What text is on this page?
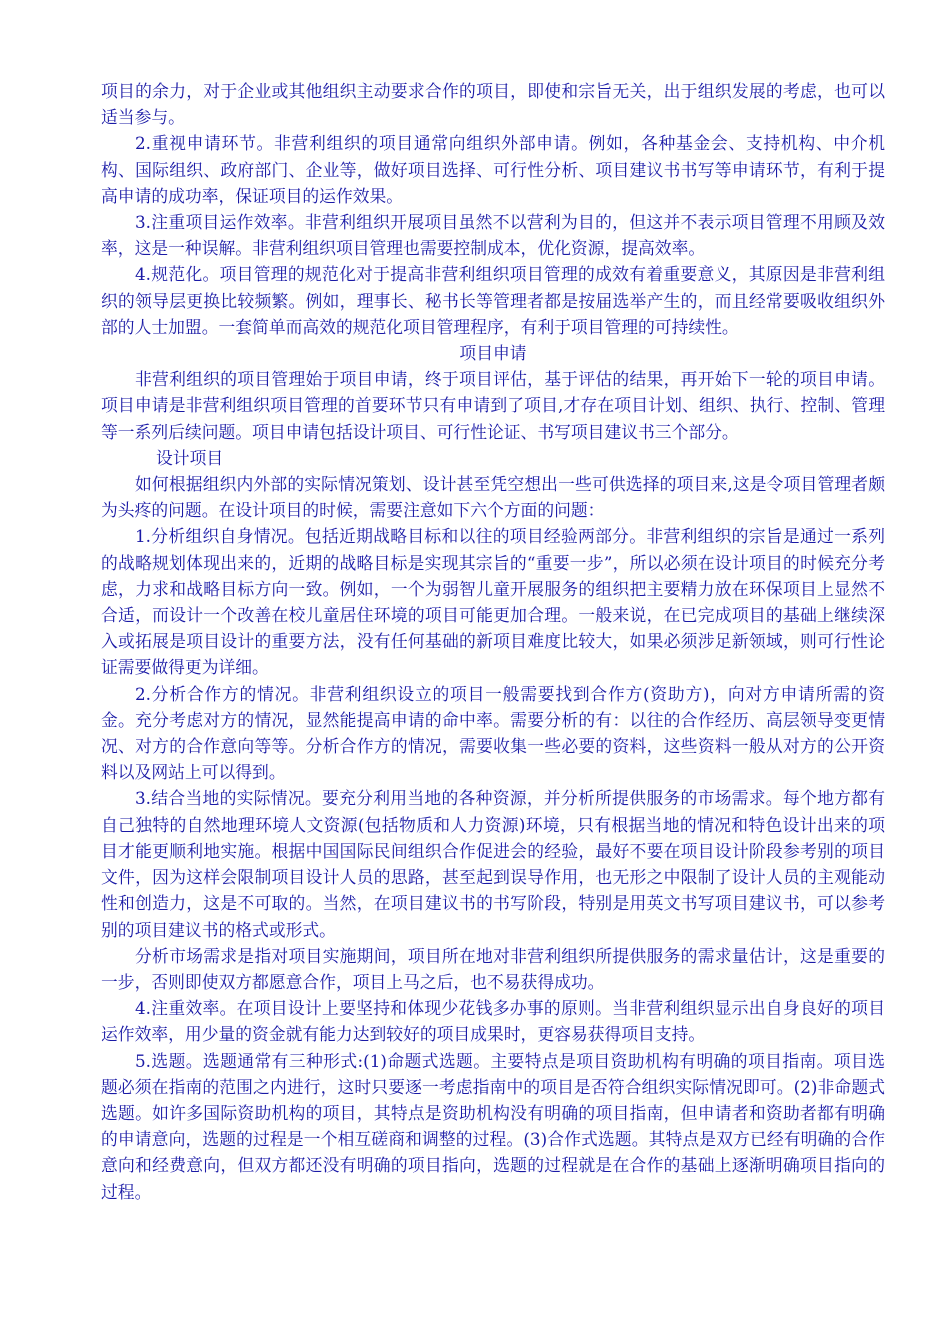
项目的余力，对于企业或其他组织主动要求合作的项目，即使和宗旨无关，出于组织发展的考虑，也可以适当参与。

2.重视申请环节。非营利组织的项目通常向组织外部申请。例如，各种基金会、支持机构、中介机构、国际组织、政府部门、企业等，做好项目选择、可行性分析、项目建议书书写等申请环节，有利于提高申请的成功率，保证项目的运作效果。

3.注重项目运作效率。非营利组织开展项目虽然不以营利为目的，但这并不表示项目管理不用顾及效率，这是一种误解。非营利组织项目管理也需要控制成本，优化资源，提高效率。

4.规范化。项目管理的规范化对于提高非营利组织项目管理的成效有着重要意义，其原因是非营利组织的领导层更换比较频繁。例如，理事长、秘书长等管理者都是按届选举产生的，而且经常要吸收组织外部的人士加盟。一套简单而高效的规范化项目管理程序，有利于项目管理的可持续性。

项目申请

非营利组织的项目管理始于项目申请，终于项目评估，基于评估的结果，再开始下一轮的项目申请。项目申请是非营利组织项目管理的首要环节只有申请到了项目,才存在项目计划、组织、执行、控制、管理等一系列后续问题。项目申请包括设计项目、可行性论证、书写项目建议书三个部分。

设计项目

如何根据组织内外部的实际情况策划、设计甚至凭空想出一些可供选择的项目来,这是令项目管理者颇为头疼的问题。在设计项目的时候，需要注意如下六个方面的问题：

1.分析组织自身情况。包括近期战略目标和以往的项目经验两部分。非营利组织的宗旨是通过一系列的战略规划体现出来的，近期的战略目标是实现其宗旨的“重要一步”，所以必须在设计项目的时候充分考虑，力求和战略目标方向一致。例如，一个为弱智儿童开展服务的组织把主要精力放在环保项目上显然不合适，而设计一个改善在校儿童居住环境的项目可能更加合理。一般来说，在已完成项目的基础上继续深入或拓展是项目设计的重要方法，没有任何基础的新项目难度比较大，如果必须涉足新领域，则可行性论证需要做得更为详细。

2.分析合作方的情况。非营利组织设立的项目一般需要找到合作方(资助方)，向对方申请所需的资金。充分考虑对方的情况，显然能提高申请的命中率。需要分析的有：以往的合作经历、高层领导变更情况、对方的合作意向等等。分析合作方的情况，需要收集一些必要的资料，这些资料一般从对方的公开资料以及网站上可以得到。

3.结合当地的实际情况。要充分利用当地的各种资源，并分析所提供服务的市场需求。每个地方都有自己独特的自然地理环境人文资源(包括物质和人力资源)环境，只有根据当地的情况和特色设计出来的项目才能更顺利地实施。根据中国国际民间组织合作促进会的经验，最好不要在项目设计阶段参考别的项目文件，因为这样会限制项目设计人员的思路，甚至起到误导作用，也无形之中限制了设计人员的主观能动性和创造力，这是不可取的。当然，在项目建议书的书写阶段，特别是用英文书写项目建议书，可以参考别的项目建议书的格式或形式。

分析市场需求是指对项目实施期间，项目所在地对非营利组织所提供服务的需求量估计，这是重要的一步，否则即使双方都愿意合作，项目上马之后，也不易获得成功。

4.注重效率。在项目设计上要坚持和体现少花钱多办事的原则。当非营利组织显示出自身良好的项目运作效率，用少量的资金就有能力达到较好的项目成果时，更容易获得项目支持。

5.选题。选题通常有三种形式:(1)命题式选题。主要特点是项目资助机构有明确的项目指南。项目选题必须在指南的范围之内进行，这时只要逐一考虑指南中的项目是否符合组织实际情况即可。(2)非命题式选题。如许多国际资助机构的项目，其特点是资助机构没有明确的项目指南，但申请者和资助者都有明确的申请意向，选题的过程是一个相互磋商和调整的过程。(3)合作式选题。其特点是双方已经有明确的合作意向和经费意向，但双方都还没有明确的项目指向，选题的过程就是在合作的基础上逐渐明确项目指向的过程。
